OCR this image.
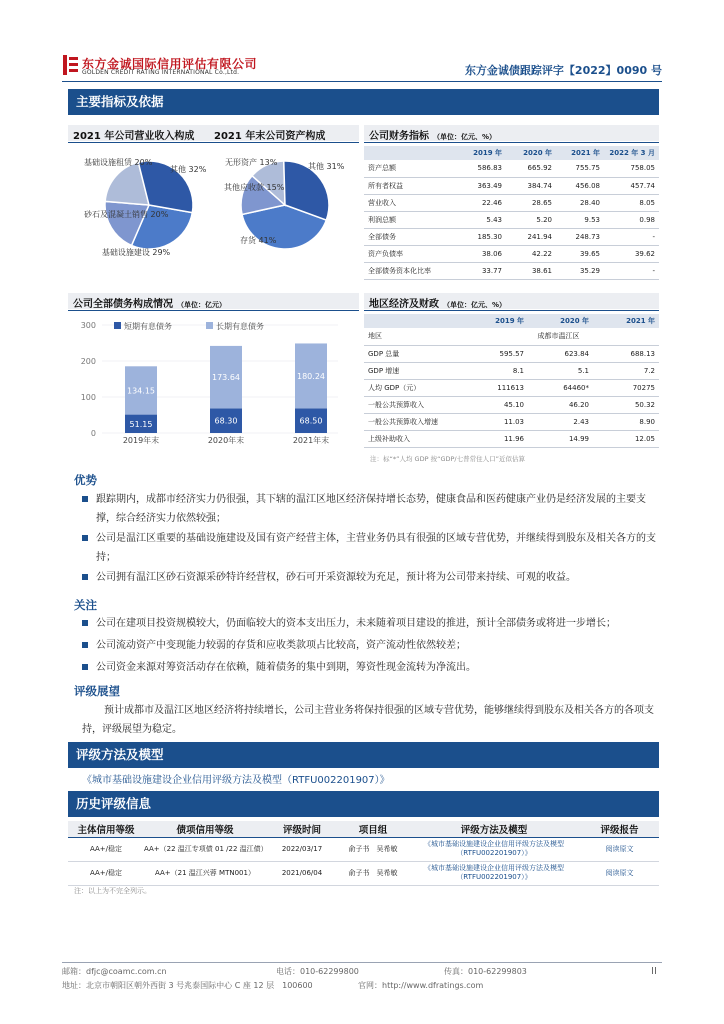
东方金诚国际信用评估有限公司
GOLDEN CREDIT RATING INTERNATIONAL Co.,Ltd.	东方金诚债跟踪评字【2022】0090 号
主要指标及依据
2021 年公司营业收入构成 2021 年末公司资产构成
基础设施建设 29%
砂石及混凝土销售 20%
基础设施租赁 20%
其他 32%
存货 41%
其他应收款 15%
无形资产 13%	其他 31%
公司财务指标 （单位：亿元、%）
	2019 年	2020 年	2021 年	2022 年 3 月
资产总额	586.83	665.92	755.75	758.05
所有者权益	363.49	384.74	456.08	457.74
营业收入	22.46	28.65	28.40	8.05
利润总额	5.43	5.20	9.53	0.98
全部债务	185.30	241.94	248.73	-
资产负债率	38.06	42.22	39.65	39.62
全部债务资本化比率	33.77	38.61	35.29	-
公司全部债务构成情况 （单位：亿元）
0
100
200
300	短期有息债务	长期有息债务
51.15
134.15
2019年末
68.30
173.64
2020年末
68.50
180.24
2021年末
地区经济及财政 （单位：亿元、%）
	2019 年	2020 年	2021 年
地区	成都市温江区		
GDP 总量	595.57	623.84	688.13
GDP 增速	8.1	5.1	7.2
人均 GDP（元）	111613	64460*	70275
一般公共预算收入	45.10	46.20	50.32
一般公共预算收入增速	11.03	2.43	8.90
上级补助收入	11.96	14.99	12.05
注：标“*”人均 GDP 按“GDP/七普常住人口”近似估算
优势
跟踪期内，成都市经济实力仍很强，其下辖的温江区地区经济保持增长态势，健康食品和医药健康产业仍是经济发展的主要支撑，综合经济实力依然较强；
公司是温江区重要的基础设施建设及国有资产经营主体，主营业务仍具有很强的区域专营优势，并继续得到股东及相关各方的支持；
公司拥有温江区砂石资源采砂特许经营权，砂石可开采资源较为充足，预计将为公司带来持续、可观的收益。
关注
公司在建项目投资规模较大，仍面临较大的资本支出压力，未来随着项目建设的推进，预计全部债务或将进一步增长；
公司流动资产中变现能力较弱的存货和应收类款项占比较高，资产流动性依然较差；
公司资金来源对筹资活动存在依赖，随着债务的集中到期，筹资性现金流转为净流出。
评级展望
预计成都市及温江区地区经济将持续增长，公司主营业务将保持很强的区域专营优势，能够继续得到股东及相关各方的各项支持，评级展望为稳定。
评级方法及模型
《城市基础设施建设企业信用评级方法及模型（RTFU002201907）》
历史评级信息
主体信用等级	债项信用等级	评级时间	项目组	评级方法及模型	评级报告
AA+/稳定	AA+（22 温江专项债 01 /22 温江债）	2022/03/17	俞子书　吴希敏	《城市基础设施建设企业信用评级方法及模型（RTFU002201907）》	阅读原文
AA+/稳定	AA+（21 温江兴蓉 MTN001）	2021/06/04	俞子书　吴希敏	《城市基础设施建设企业信用评级方法及模型（RTFU002201907）》	阅读原文
注：以上为不完全列示。
邮箱：dfjc@coamc.com.cn	电话：010-62299800	传真：010-62299803
地址：北京市朝阳区朝外西街 3 号兆泰国际中心 C 座 12 层　100600	官网：http://www.dfratings.com
II
